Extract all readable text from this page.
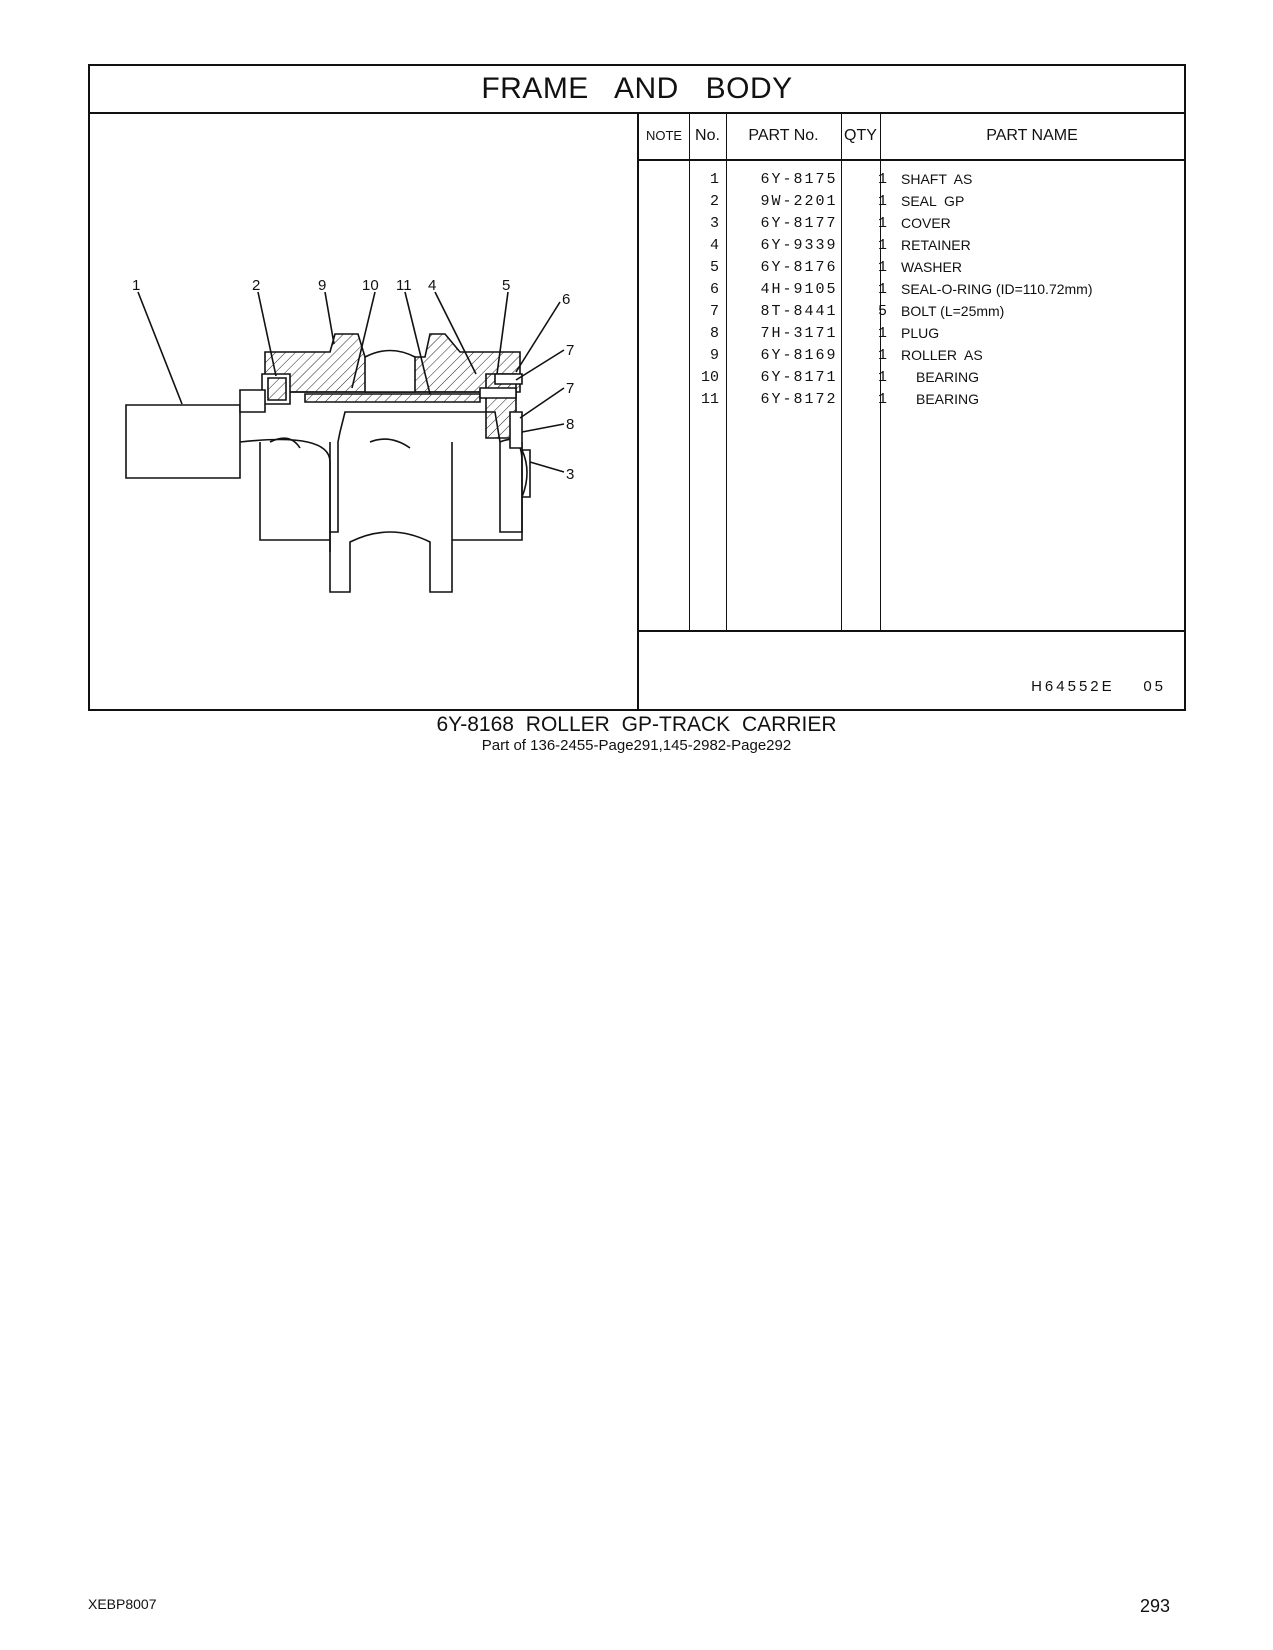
FRAME AND BODY
1	2	9 10 11 4	5
6
7
7
8
3
NOTE No.	PART No.	QTY	PART NAME
1	6Y-8175	1 SHAFT  AS
2	9W-2201	1 SEAL  GP
3	6Y-8177	1 COVER
4	6Y-9339	1 RETAINER
5	6Y-8176	1 WASHER
6	4H-9105	1 SEAL-O-RING (ID=110.72mm)
7	8T-8441	5 BOLT (L=25mm)
8	7H-3171	1 PLUG
9	6Y-8169	1 ROLLER  AS
10	6Y-8171	1 BEARING
11	6Y-8172	1 BEARING
H64552E    05
6Y-8168 ROLLER GP-TRACK CARRIER
Part of 136-2455-Page291,145-2982-Page292
XEBP8007	293
